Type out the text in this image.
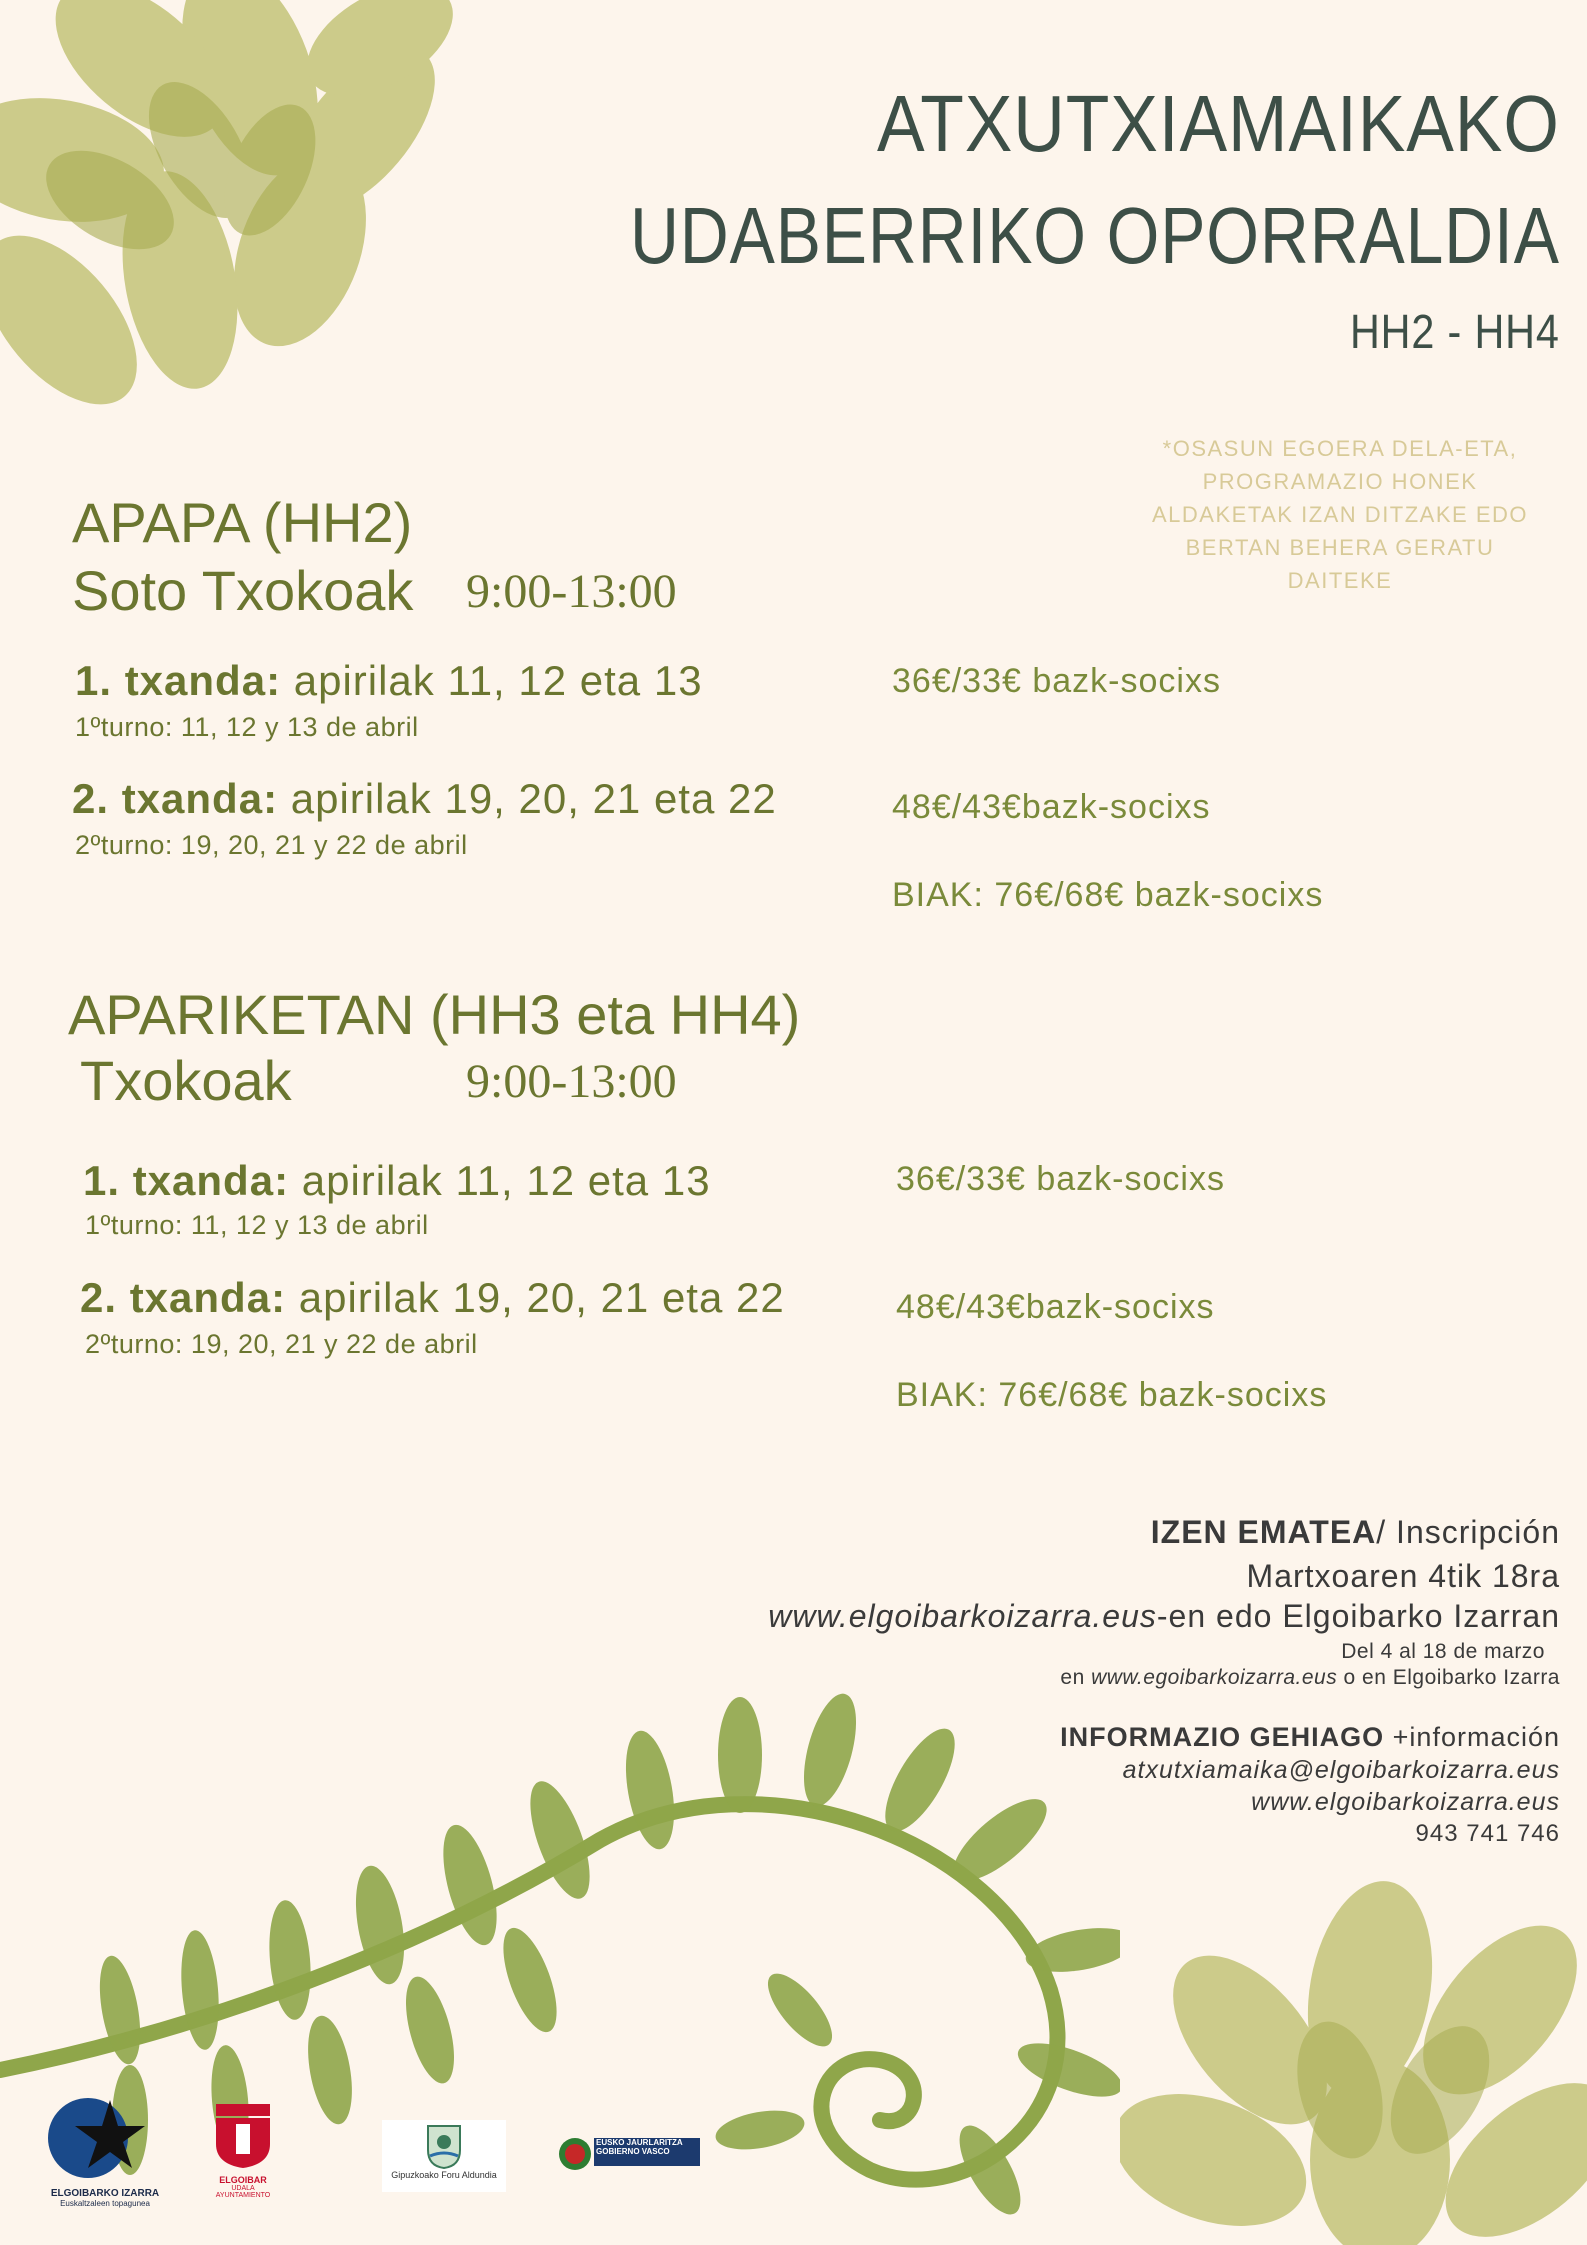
ATXUTXIAMAIKAKO
UDABERRIKO OPORRALDIA
HH2 - HH4
*OSASUN EGOERA DELA-ETA,
PROGRAMAZIO HONEK
ALDAKETAK IZAN DITZAKE EDO
BERTAN BEHERA GERATU
DAITEKE
APAPA (HH2)
Soto Txokoak 9:00-13:00
1. txanda: apirilak 11, 12 eta 13
1ºturno: 11, 12 y 13 de abril
2. txanda: apirilak 19, 20, 21 eta 22
2ºturno: 19, 20, 21 y 22 de abril
36€/33€ bazk-socixs
48€/43€bazk-socixs
BIAK: 76€/68€ bazk-socixs
APARIKETAN (HH3 eta HH4)
Txokoak	9:00-13:00
1. txanda: apirilak 11, 12 eta 13
1ºturno: 11, 12 y 13 de abril
2. txanda: apirilak 19, 20, 21 eta 22
2ºturno: 19, 20, 21 y 22 de abril
36€/33€ bazk-socixs
48€/43€bazk-socixs
BIAK: 76€/68€ bazk-socixs
IZEN EMATEA/ Inscripción
Martxoaren 4tik 18ra
www.elgoibarkoizarra.eus-en edo Elgoibarko Izarran
Del 4 al 18 de marzo
en www.egoibarkoizarra.eus o en Elgoibarko Izarra
INFORMAZIO GEHIAGO +información
atxutxiamaika@elgoibarkoizarra.eus
www.elgoibarkoizarra.eus
943 741 746
ELGOIBARKO IZARRA
Euskaltzaleen topagunea
ELGOIBAR
UDALA
AYUNTAMIENTO
Gipuzkoako Foru Aldundia
EUSKO JAURLARITZA
GOBIERNO VASCO
